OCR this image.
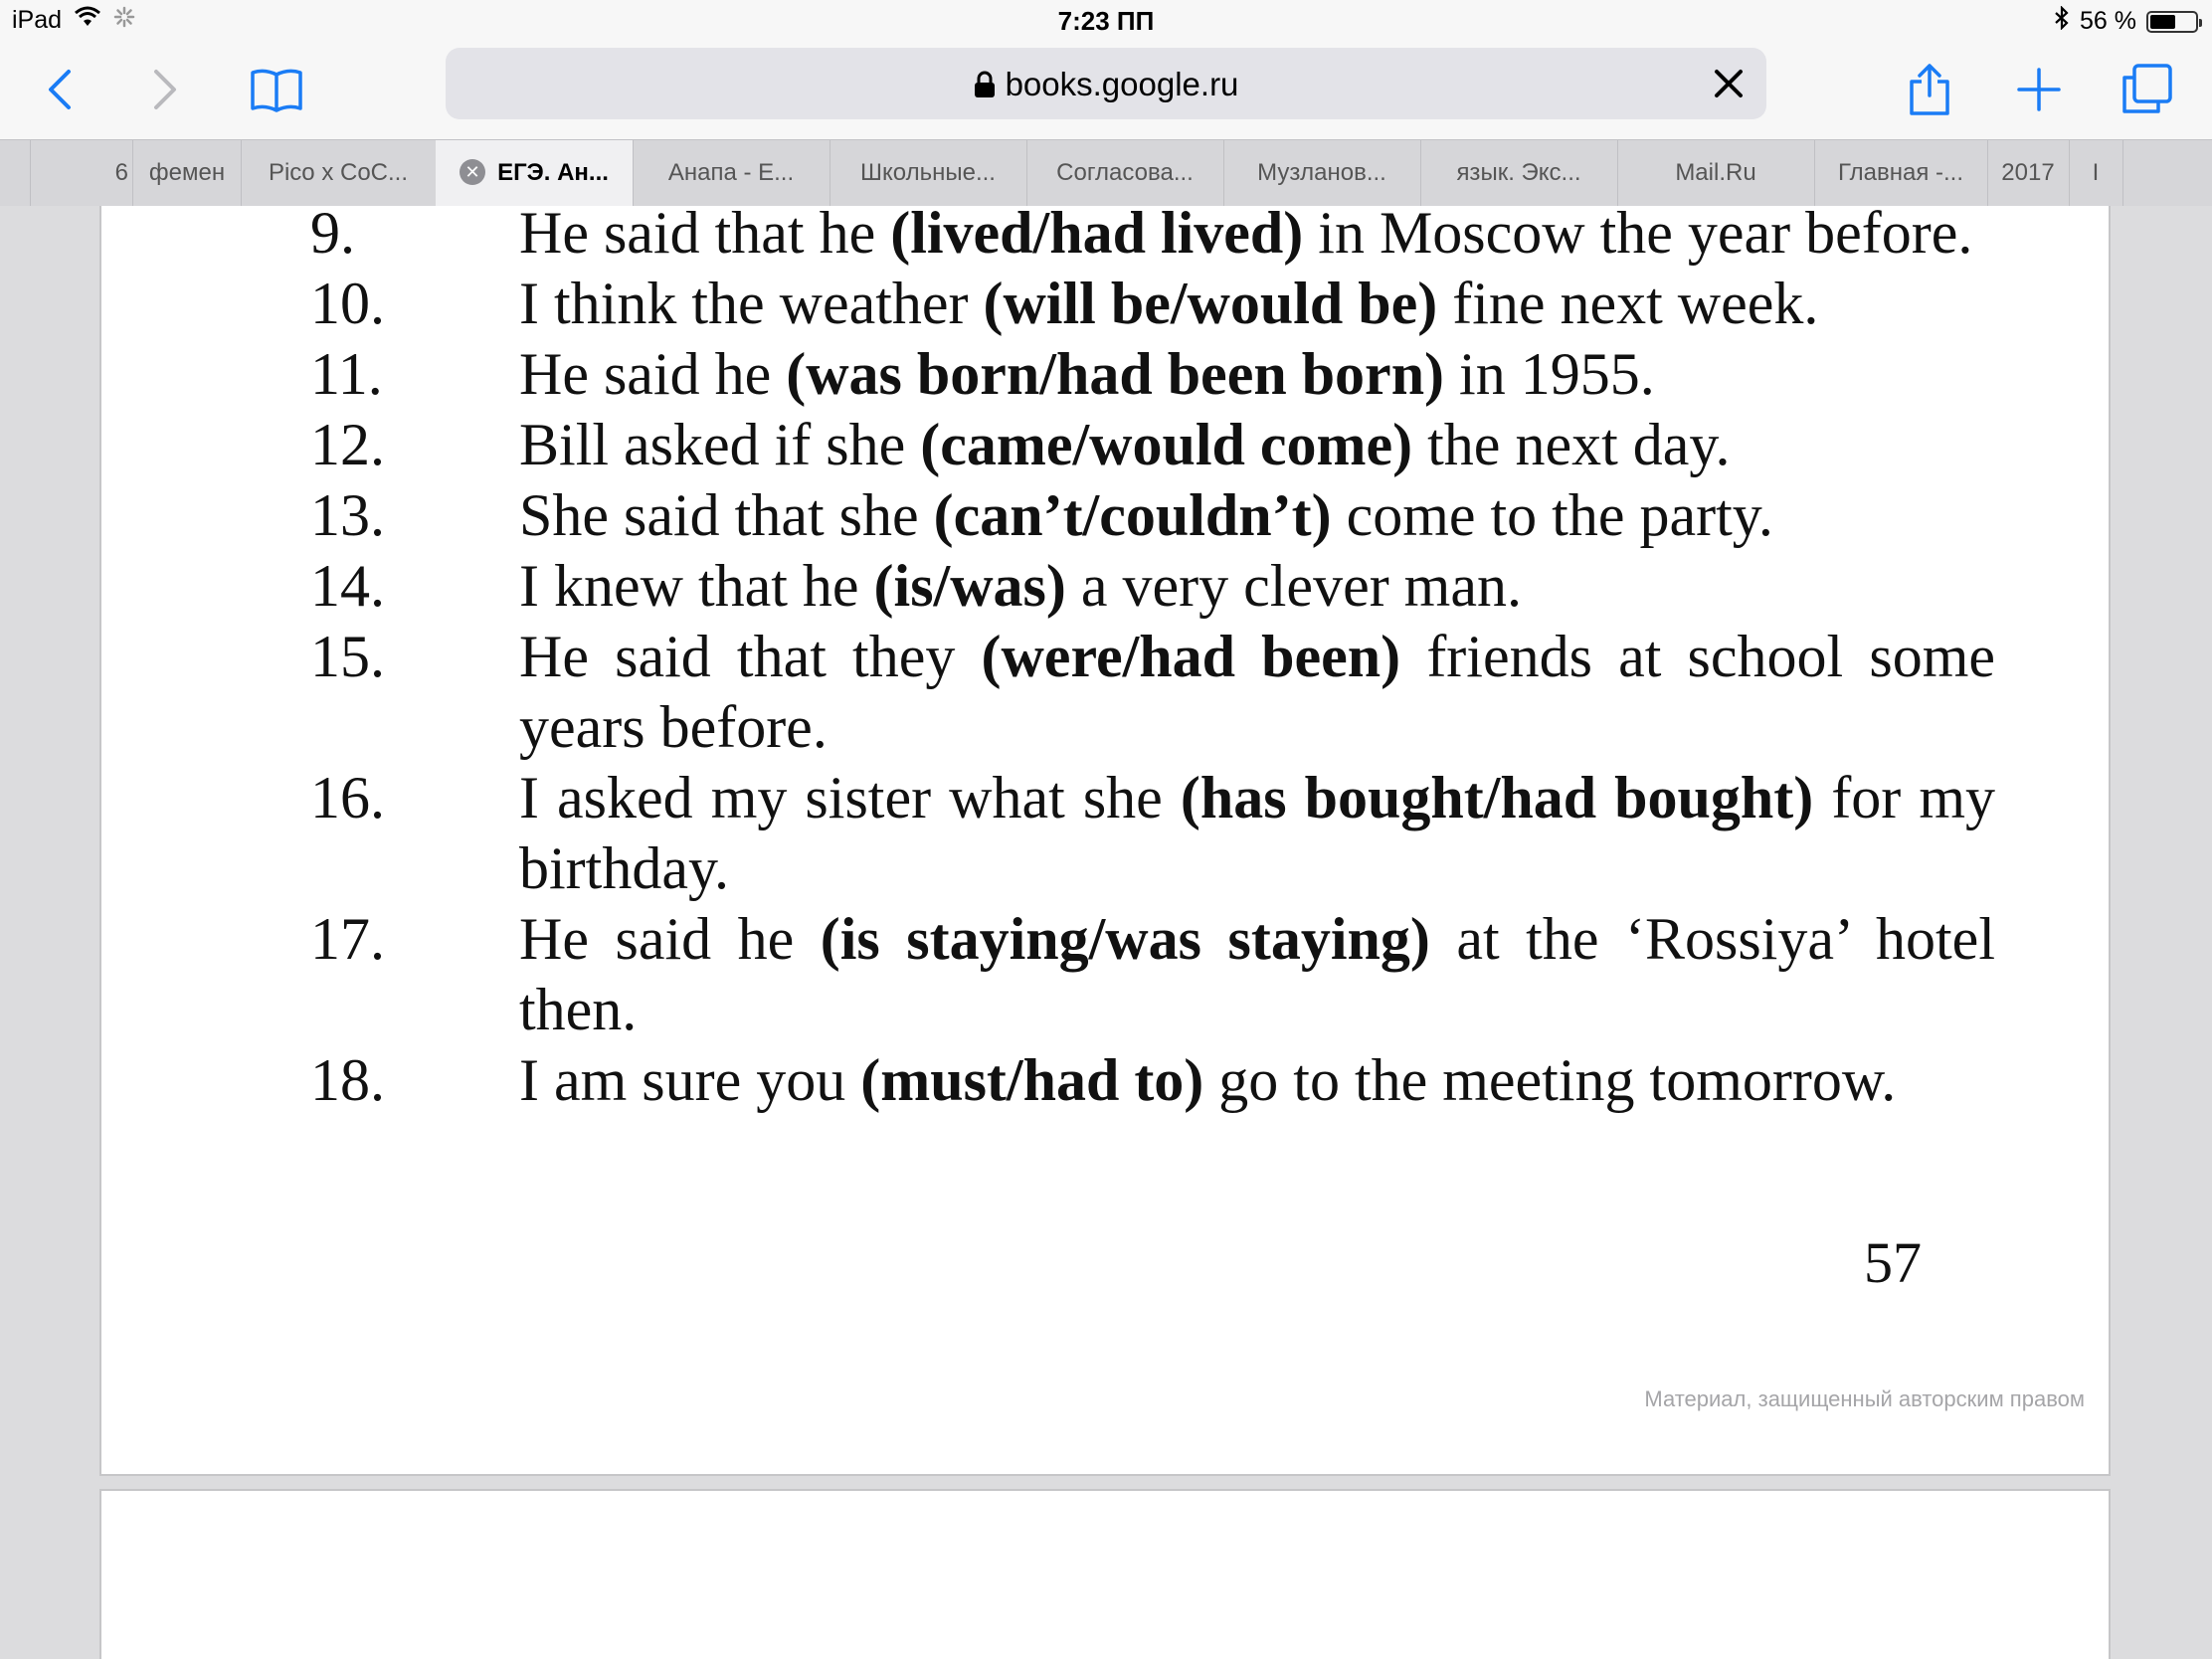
iPad	7:23 ПП	56 %
books.google.ru
6 фемен	Pico x CoC...	✕ ЕГЭ. Ан...	Анапа - Е...	Школьные...	Согласова...	Музланов...	язык. Экс...	Mail.Ru	Главная -...	2017	I
9.	He said that he (lived/had lived) in Moscow the year before.
10.	I think the weather (will be/would be) fine next week.
11.	He said he (was born/had been born) in 1955.
12.	Bill asked if she (came/would come) the next day.
13.	She said that she (can’t/couldn’t) come to the party.
14.	I knew that he (is/was) a very clever man.
15.	He said that they (were/had been) friends at school some years before.
16.	I asked my sister what she (has bought/had bought) for my birthday.
17.	He said he (is staying/was staying) at the ‘Rossiya’ hotel then.
18.	I am sure you (must/had to) go to the meeting tomorrow.
57
Материал, защищенный авторским правом
